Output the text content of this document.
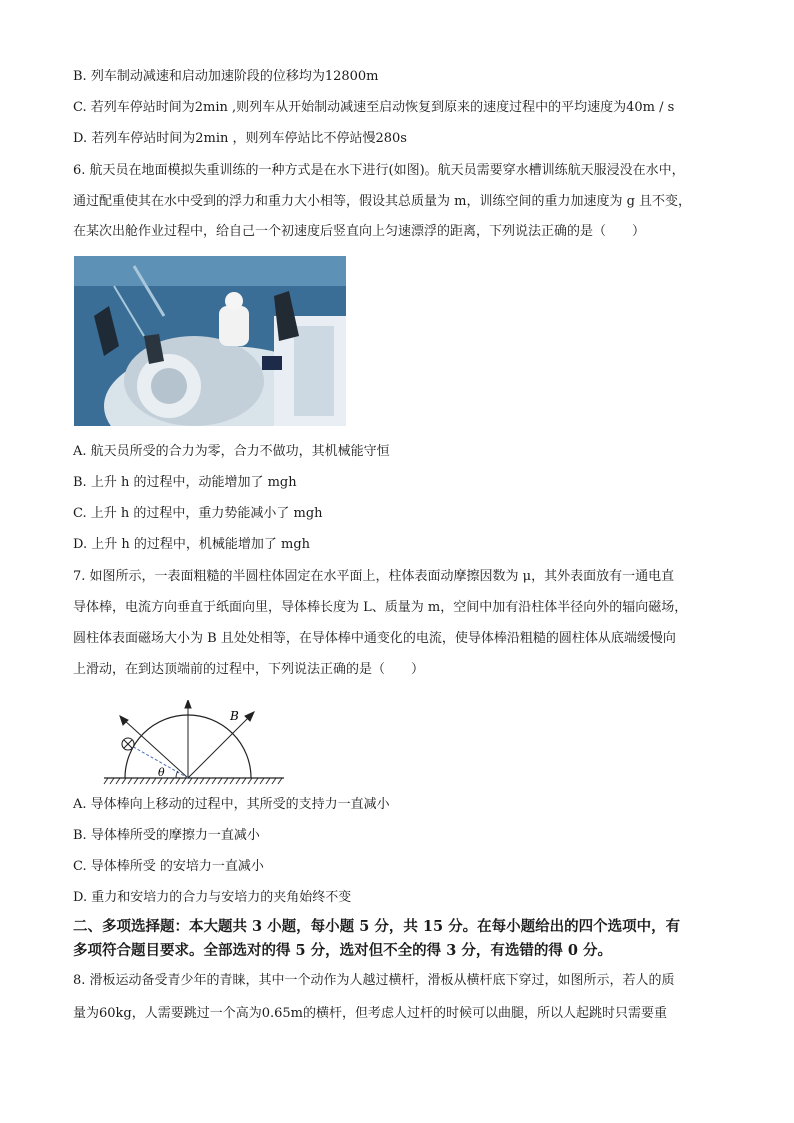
B. 列车制动减速和启动加速阶段的位移均为12800m
C. 若列车停站时间为2min ,则列车从开始制动减速至启动恢复到原来的速度过程中的平均速度为40m / s
D. 若列车停站时间为2min ，则列车停站比不停站慢280s
6. 航天员在地面模拟失重训练的一种方式是在水下进行(如图)。航天员需要穿水槽训练航天服浸没在水中，
通过配重使其在水中受到的浮力和重力大小相等，假设其总质量为 m，训练空间的重力加速度为 g 且不变，
在某次出舱作业过程中，给自己一个初速度后竖直向上匀速漂浮的距离，下列说法正确的是（　　）
A. 航天员所受的合力为零，合力不做功，其机械能守恒
B. 上升 h 的过程中，动能增加了 mgh
C. 上升 h 的过程中，重力势能减小了 mgh
D. 上升 h 的过程中，机械能增加了 mgh
7. 如图所示，一表面粗糙的半圆柱体固定在水平面上，柱体表面动摩擦因数为 μ，其外表面放有一通电直
导体棒，电流方向垂直于纸面向里，导体棒长度为 L、质量为 m，空间中加有沿柱体半径向外的辐向磁场，
圆柱体表面磁场大小为 B 且处处相等，在导体棒中通变化的电流，使导体棒沿粗糙的圆柱体从底端缓慢向
上滑动，在到达顶端前的过程中，下列说法正确的是（　　）
θ
B
A. 导体棒向上移动的过程中，其所受的支持力一直减小
B. 导体棒所受的摩擦力一直减小
C. 导体棒所受 的安培力一直减小
D. 重力和安培力的合力与安培力的夹角始终不变
二、多项选择题：本大题共 3 小题，每小题 5 分，共 15 分。在每小题给出的四个选项中，有
多项符合题目要求。全部选对的得 5 分，选对但不全的得 3 分，有选错的得 0 分。
8. 滑板运动备受青少年的青睐，其中一个动作为人越过横杆，滑板从横杆底下穿过，如图所示，若人的质
量为60kg，人需要跳过一个高为0.65m的横杆，但考虑人过杆的时候可以曲腿，所以人起跳时只需要重
